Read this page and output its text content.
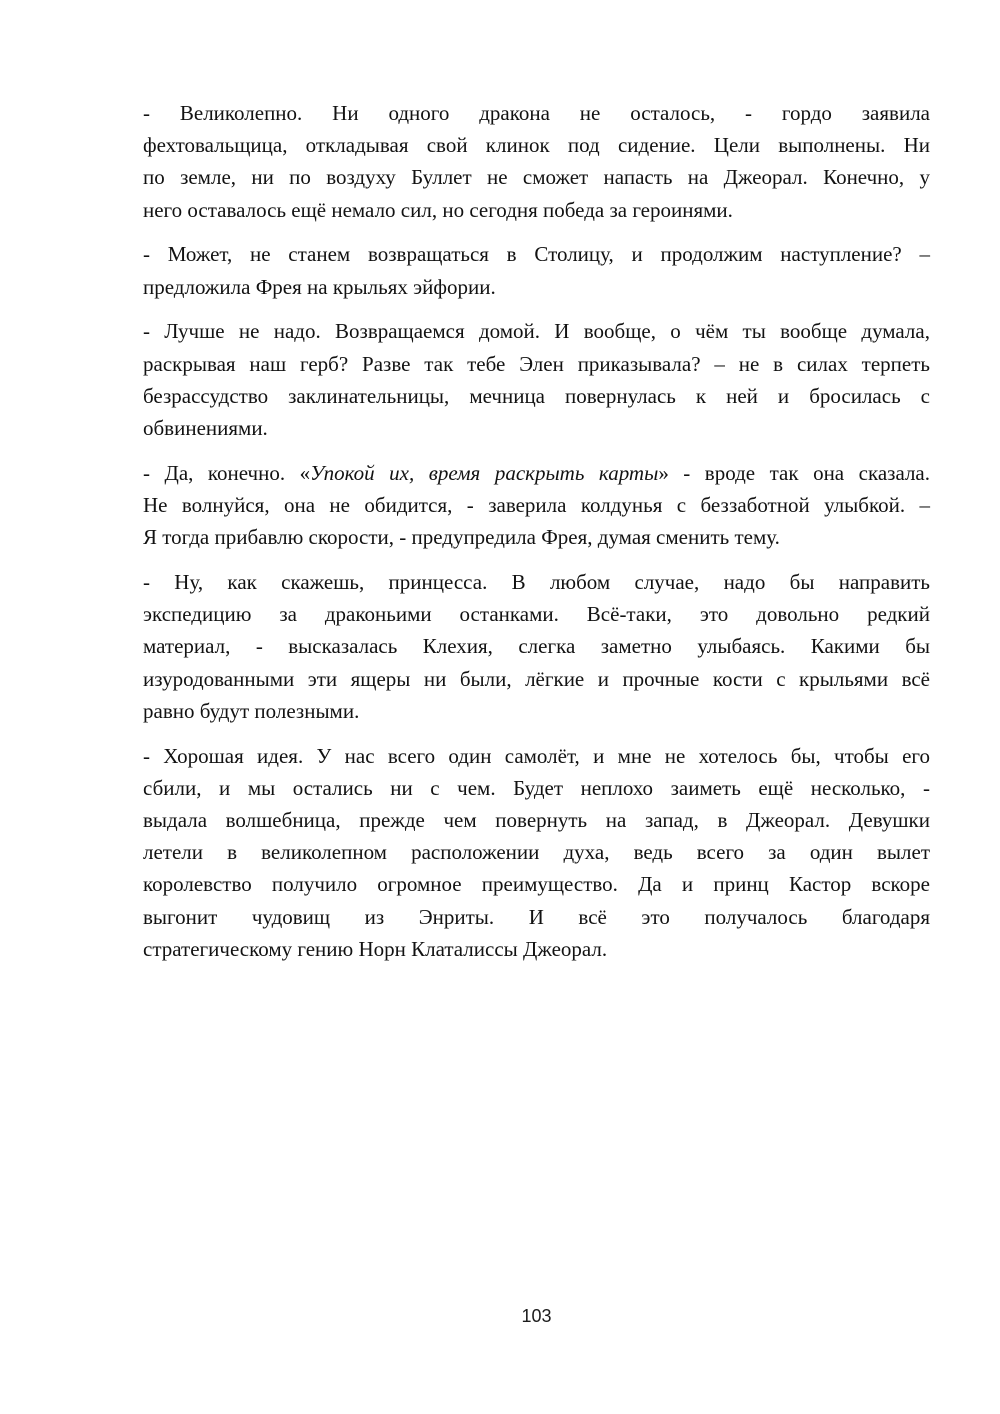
- Великолепно. Ни одного дракона не осталось, - гордо заявила
фехтовальщица, откладывая свой клинок под сидение. Цели выполнены. Ни
по земле, ни по воздуху Буллет не сможет напасть на Джеорал. Конечно, у
него оставалось ещё немало сил, но сегодня победа за героинями.

- Может, не станем возвращаться в Столицу, и продолжим наступление? –
предложила Фрея на крыльях эйфории.

- Лучше не надо. Возвращаемся домой. И вообще, о чём ты вообще думала,
раскрывая наш герб? Разве так тебе Элен приказывала? – не в силах терпеть
безрассудство заклинательницы, мечница повернулась к ней и бросилась с
обвинениями.

- Да, конечно. «Упокой их, время раскрыть карты» - вроде так она сказала.
Не волнуйся, она не обидится, - заверила колдунья с беззаботной улыбкой. –
Я тогда прибавлю скорости, - предупредила Фрея, думая сменить тему.

- Ну, как скажешь, принцесса. В любом случае, надо бы направить
экспедицию за драконьими останками. Всё-таки, это довольно редкий
материал, - высказалась Клехия, слегка заметно улыбаясь. Какими бы
изуродованными эти ящеры ни были, лёгкие и прочные кости с крыльями всё
равно будут полезными.

- Хорошая идея. У нас всего один самолёт, и мне не хотелось бы, чтобы его
сбили, и мы остались ни с чем. Будет неплохо заиметь ещё несколько, -
выдала волшебница, прежде чем повернуть на запад, в Джеорал. Девушки
летели в великолепном расположении духа, ведь всего за один вылет
королевство получило огромное преимущество. Да и принц Кастор вскоре
выгонит чудовищ из Энриты. И всё это получалось благодаря
стратегическому гению Норн Клаталиссы Джеорал.

103
